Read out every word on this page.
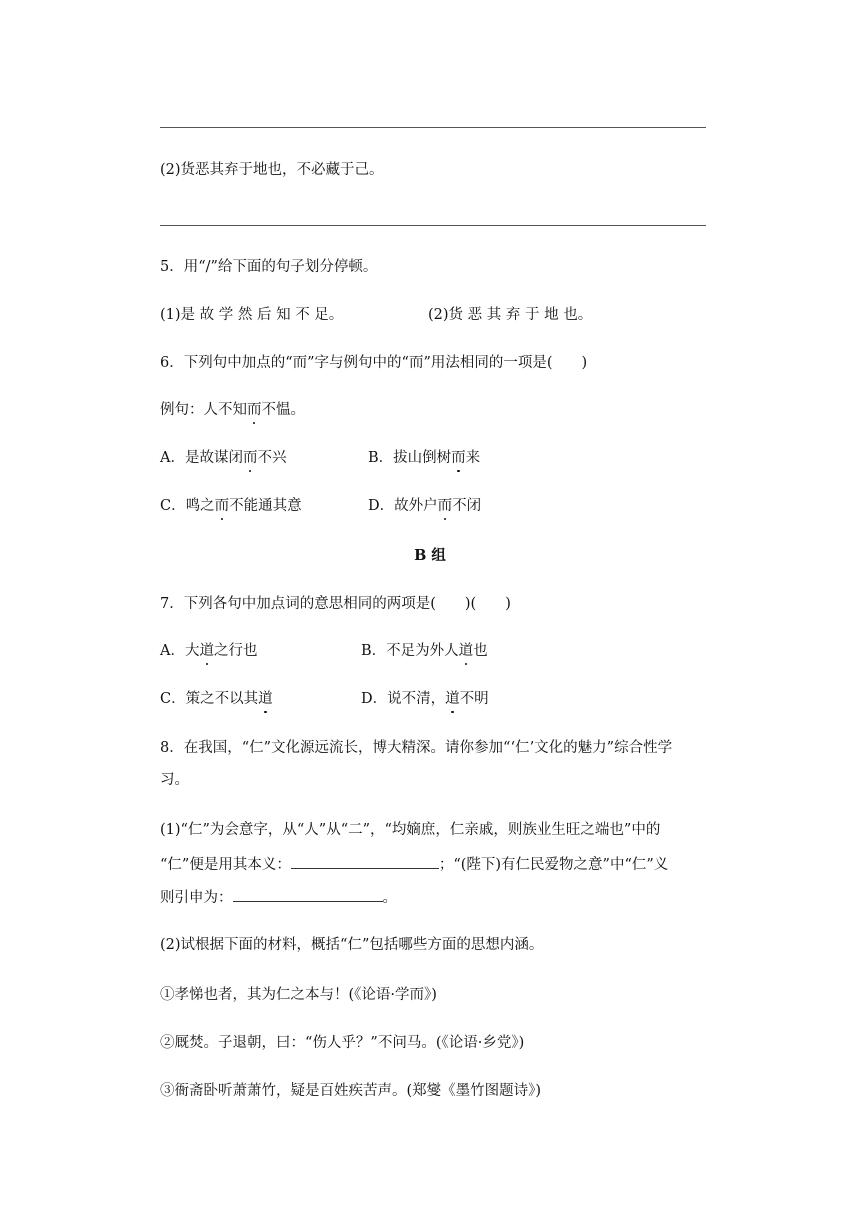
(2)货恶其弃于地也，不必藏于己。
5．用“/”给下面的句子划分停顿。
(1)是 故 学 然 后 知 不 足。	(2)货 恶 其 弃 于 地 也。
6．下列句中加点的“而”字与例句中的“而”用法相同的一项是(　　)
例句：人不知而不愠。
A．是故谋闭而不兴	B．拔山倒树而来
C．鸣之而不能通其意	D．故外户而不闭
B 组
7．下列各句中加点词的意思相同的两项是(　　)(　　)
A．大道之行也	B．不足为外人道也
C．策之不以其道	D．说不清，道不明
8．在我国，“仁”文化源远流长，博大精深。请你参加“‘仁’文化的魅力”综合性学
习。
(1)“仁”为会意字，从“人”从“二”，“均嫡庶，仁亲戚，则族业生旺之端也”中的
“仁”便是用其本义：	；“(陛下)有仁民爱物之意”中“仁”义
则引申为：	。
(2)试根据下面的材料，概括“仁”包括哪些方面的思想内涵。
①孝悌也者，其为仁之本与！(《论语·学而》)
②厩焚。子退朝，曰：“伤人乎？”不问马。(《论语·乡党》)
③衙斋卧听萧萧竹，疑是百姓疾苦声。(郑燮《墨竹图题诗》)
